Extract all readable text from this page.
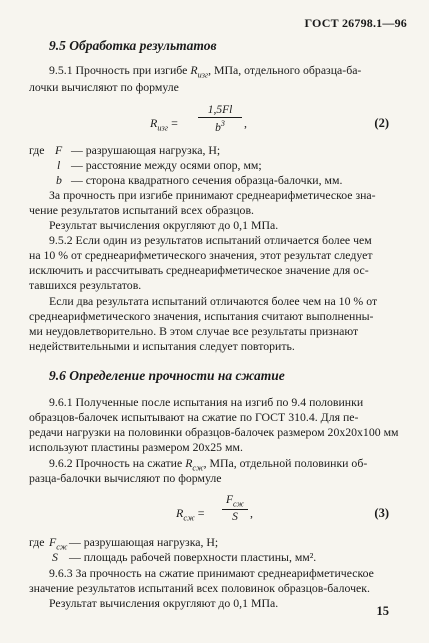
ГОСТ 26798.1—96
9.5 Обработка результатов
9.5.1 Прочность при изгибе $R_{изг}$, МПа, отдельного образца-ба-
лочки вычисляют по формуле
$R_{изг}$ =
1,5Fl
$b^3$	,	(2)
где F — разрушающая нагрузка, Н;
l — расстояние между осями опор, мм;
b — сторона квадратного сечения образца-балочки, мм.
За прочность при изгибе принимают среднеарифметическое зна-
чение результатов испытаний всех образцов.
Результат вычисления округляют до 0,1 МПа.
9.5.2 Если один из результатов испытаний отличается более чем
на 10 % от среднеарифметического значения, этот результат следует
исключить и рассчитывать среднеарифметическое значение для ос-
тавшихся результатов.
Если два результата испытаний отличаются более чем на 10 % от
среднеарифметического значения, испытания считают выполненны-
ми неудовлетворительно. В этом случае все результаты признают
недействительными и испытания следует повторить.
9.6 Определение прочности на сжатие
9.6.1 Полученные после испытания на изгиб по 9.4 половинки
образцов-балочек испытывают на сжатие по ГОСТ 310.4. Для пе-
редачи нагрузки на половинки образцов-балочек размером 20x20x100 мм
используют пластины размером 20x25 мм.
9.6.2 Прочность на сжатие $R_{сж}$, МПа, отдельной половинки об-
разца-балочки вычисляют по формуле
$R_{сж}$ =
$F_{сж}$
S	,	(3)
где $F_{сж}$ — разрушающая нагрузка, Н;
S — площадь рабочей поверхности пластины, мм².
9.6.3 За прочность на сжатие принимают среднеарифметическое
значение результатов испытаний всех половинок образцов-балочек.
Результат вычисления округляют до 0,1 МПа.
15
